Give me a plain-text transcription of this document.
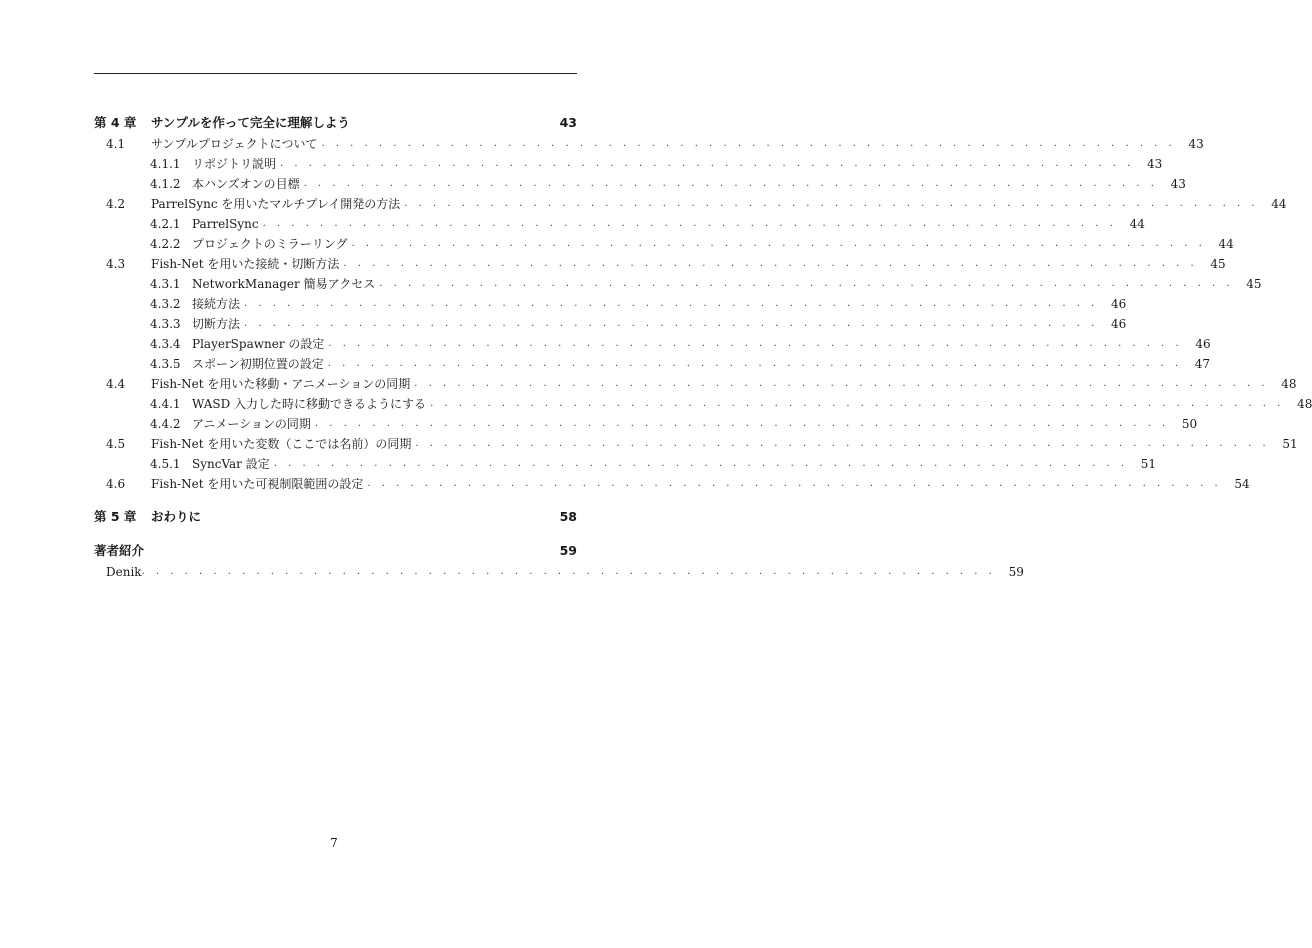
第 4 章	サンプルを作って完全に理解しよう	43
4.1	サンプルプロジェクトについて . . . . . . . . . . . . . . . . . . . . . . . . . . . . . . . . . . . . . . . . . . . . . . . . . . . . . . . . . . . .	43
4.1.1 リポジトリ説明 . . . . . . . . . . . . . . . . . . . . . . . . . . . . . . . . . . . . . . . . . . . . . . . . . . . . . . . . . . . .	43
4.1.2 本ハンズオンの目標 . . . . . . . . . . . . . . . . . . . . . . . . . . . . . . . . . . . . . . . . . . . . . . . . . . . . . . . . . . . .	43
4.2	ParrelSync を用いたマルチプレイ開発の方法 . . . . . . . . . . . . . . . . . . . . . . . . . . . . . . . . . . . . . . . . . . . . . . . . . . . . . . . . . . . .	44
4.2.1 ParrelSync . . . . . . . . . . . . . . . . . . . . . . . . . . . . . . . . . . . . . . . . . . . . . . . . . . . . . . . . . . . .	44
4.2.2 プロジェクトのミラーリング . . . . . . . . . . . . . . . . . . . . . . . . . . . . . . . . . . . . . . . . . . . . . . . . . . . . . . . . . . . .	44
4.3	Fish-Net を用いた接続・切断方法 . . . . . . . . . . . . . . . . . . . . . . . . . . . . . . . . . . . . . . . . . . . . . . . . . . . . . . . . . . . .	45
4.3.1 NetworkManager 簡易アクセス . . . . . . . . . . . . . . . . . . . . . . . . . . . . . . . . . . . . . . . . . . . . . . . . . . . . . . . . . . . .	45
4.3.2 接続方法 . . . . . . . . . . . . . . . . . . . . . . . . . . . . . . . . . . . . . . . . . . . . . . . . . . . . . . . . . . . .	46
4.3.3 切断方法 . . . . . . . . . . . . . . . . . . . . . . . . . . . . . . . . . . . . . . . . . . . . . . . . . . . . . . . . . . . .	46
4.3.4 PlayerSpawner の設定 . . . . . . . . . . . . . . . . . . . . . . . . . . . . . . . . . . . . . . . . . . . . . . . . . . . . . . . . . . . .	46
4.3.5 スポーン初期位置の設定 . . . . . . . . . . . . . . . . . . . . . . . . . . . . . . . . . . . . . . . . . . . . . . . . . . . . . . . . . . . .	47
4.4	Fish-Net を用いた移動・アニメーションの同期 . . . . . . . . . . . . . . . . . . . . . . . . . . . . . . . . . . . . . . . . . . . . . . . . . . . . . . . . . . . .	48
4.4.1 WASD 入力した時に移動できるようにする . . . . . . . . . . . . . . . . . . . . . . . . . . . . . . . . . . . . . . . . . . . . . . . . . . . . . . . . . . . .	48
4.4.2 アニメーションの同期 . . . . . . . . . . . . . . . . . . . . . . . . . . . . . . . . . . . . . . . . . . . . . . . . . . . . . . . . . . . .	50
4.5	Fish-Net を用いた変数（ここでは名前）の同期 . . . . . . . . . . . . . . . . . . . . . . . . . . . . . . . . . . . . . . . . . . . . . . . . . . . . . . . . . . . .	51
4.5.1 SyncVar 設定 . . . . . . . . . . . . . . . . . . . . . . . . . . . . . . . . . . . . . . . . . . . . . . . . . . . . . . . . . . . .	51
4.6	Fish-Net を用いた可視制限範囲の設定 . . . . . . . . . . . . . . . . . . . . . . . . . . . . . . . . . . . . . . . . . . . . . . . . . . . . . . . . . . . .	54
第 5 章	おわりに	58
著者紹介	59
Denik . . . . . . . . . . . . . . . . . . . . . . . . . . . . . . . . . . . . . . . . . . . . . . . . . . . . . . . . . . . .	59
7
